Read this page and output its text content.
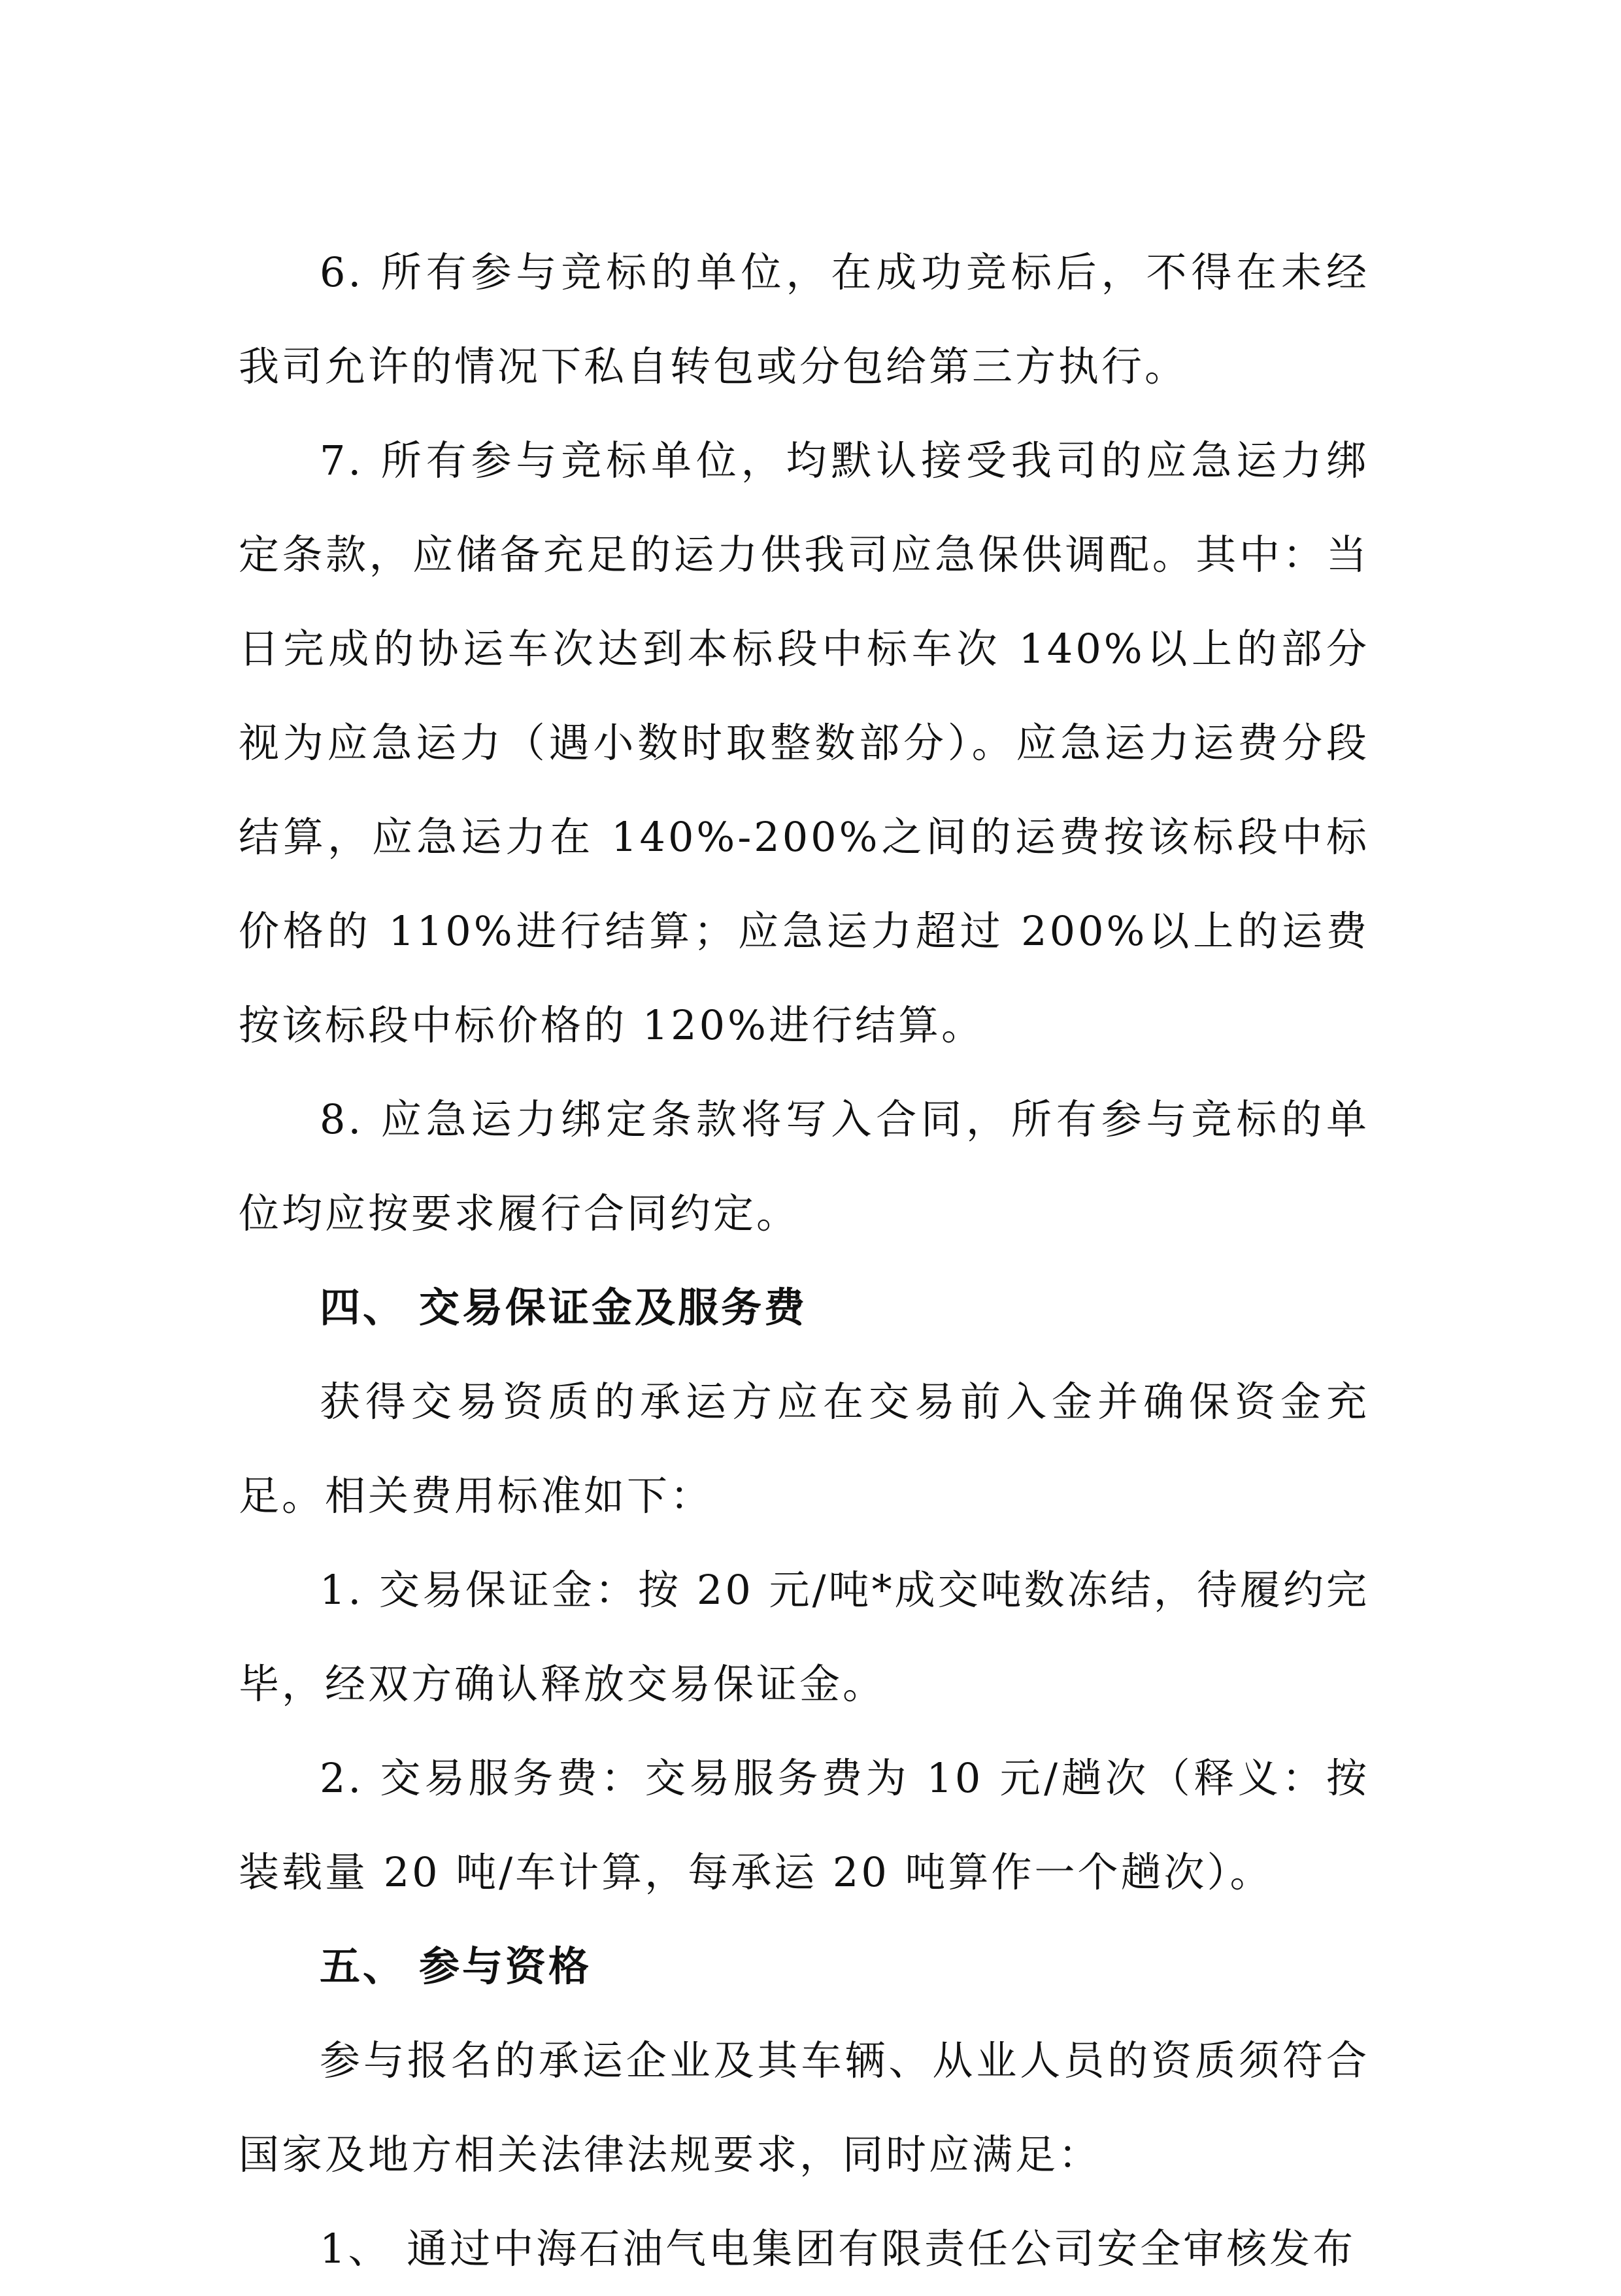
6. 所有参与竞标的单位，在成功竞标后，不得在未经我司允许的情况下私自转包或分包给第三方执行。

7. 所有参与竞标单位，均默认接受我司的应急运力绑定条款，应储备充足的运力供我司应急保供调配。其中：当日完成的协运车次达到本标段中标车次 140%以上的部分视为应急运力（遇小数时取整数部分）。应急运力运费分段结算，应急运力在 140%-200%之间的运费按该标段中标价格的 110%进行结算；应急运力超过 200%以上的运费按该标段中标价格的 120%进行结算。

8. 应急运力绑定条款将写入合同，所有参与竞标的单位均应按要求履行合同约定。

四、 交易保证金及服务费

获得交易资质的承运方应在交易前入金并确保资金充足。相关费用标准如下：

1. 交易保证金：按 20 元/吨*成交吨数冻结，待履约完毕，经双方确认释放交易保证金。

2. 交易服务费：交易服务费为 10 元/趟次（释义：按装载量 20 吨/车计算，每承运 20 吨算作一个趟次）。

五、 参与资格

参与报名的承运企业及其车辆、从业人员的资质须符合国家及地方相关法律法规要求，同时应满足：

1、 通过中海石油气电集团有限责任公司安全审核发布
